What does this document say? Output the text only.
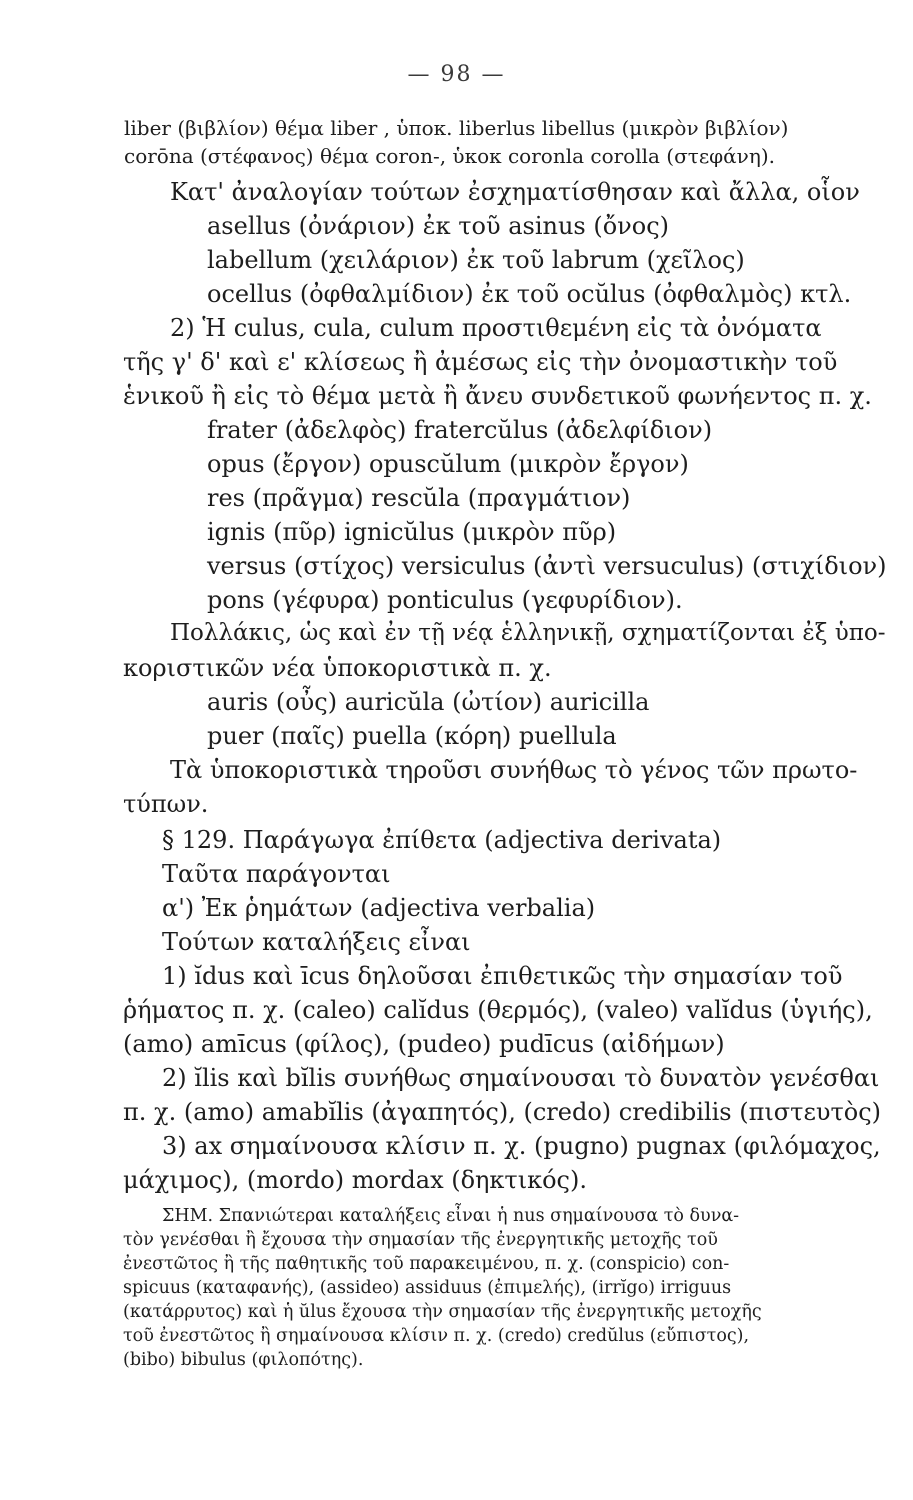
— 98 —
liber (βιβλίον) θέμα liber , ὑποκ. liberlus libellus (μικρὸν βιβλίον)
corōna (στέφανος) θέμα coron-, ὑκοκ coronla corolla (στεφάνη).
Κατ' ἀναλογίαν τούτων ἐσχηματίσθησαν καὶ ἄλλα, οἷον
asellus (ὀνάριον) ἐκ τοῦ asinus (ὄνος)
labellum (χειλάριον) ἐκ τοῦ labrum (χεῖλος)
ocellus (ὀφθαλμίδιον) ἐκ τοῦ ocŭlus (ὀφθαλμὸς) κτλ.
2) Ἡ culus, cula, culum προστιθεμένη εἰς τὰ ὀνόματα
τῆς γ' δ' καὶ ε' κλίσεως ἢ ἀμέσως εἰς τὴν ὀνομαστικὴν τοῦ
ἑνικοῦ ἢ εἰς τὸ θέμα μετὰ ἢ ἄνευ συνδετικοῦ φωνήεντος π. χ.
frater (ἀδελφὸς) fratercŭlus (ἀδελφίδιον)
opus (ἔργον) opuscŭlum (μικρὸν ἔργον)
res (πρᾶγμα) rescŭla (πραγμάτιον)
ignis (πῦρ) ignicŭlus (μικρὸν πῦρ)
versus (στίχος) versiculus (ἀντὶ versuculus) (στιχίδιον)
pons (γέφυρα) ponticulus (γεφυρίδιον).
Πολλάκις, ὡς καὶ ἐν τῇ νέᾳ ἑλληνικῇ, σχηματίζονται ἐξ ὑπο-
κοριστικῶν νέα ὑποκοριστικὰ π. χ.
auris (οὖς) auricŭla (ὠτίον) auricilla
puer (παῖς) puella (κόρη) puellula
Τὰ ὑποκοριστικὰ τηροῦσι συνήθως τὸ γένος τῶν πρωτο-
τύπων.
§ 129. Παράγωγα ἐπίθετα (adjectiva derivata)
Ταῦτα παράγονται
α') Ἐκ ῥημάτων (adjectiva verbalia)
Τούτων καταλήξεις εἶναι
1) ĭdus καὶ īcus δηλοῦσαι ἐπιθετικῶς τὴν σημασίαν τοῦ
ῥήματος π. χ. (caleo) calĭdus (θερμός), (valeo) valĭdus (ὑγιής),
(amo) amīcus (φίλος), (pudeo) pudīcus (αἰδήμων)
2) ĭlis καὶ bĭlis συνήθως σημαίνουσαι τὸ δυνατὸν γενέσθαι
π. χ. (amo) amabĭlis (ἀγαπητός), (credo) credibilis (πιστευτὸς)
3) ax σημαίνουσα κλίσιν π. χ. (pugno) pugnax (φιλόμαχος,
μάχιμος), (mordo) mordax (δηκτικός).
ΣΗΜ. Σπανιώτεραι καταλήξεις εἶναι ἡ nus σημαίνουσα τὸ δυνα-
τὸν γενέσθαι ἢ ἔχουσα τὴν σημασίαν τῆς ἐνεργητικῆς μετοχῆς τοῦ
ἐνεστῶτος ἢ τῆς παθητικῆς τοῦ παρακειμένου, π. χ. (conspicio) con-
spicuus (καταφανής), (assideo) assiduus (ἐπιμελής), (irrĭgo) irriguus
(κατάρρυτος) καὶ ἡ ŭlus ἔχουσα τὴν σημασίαν τῆς ἐνεργητικῆς μετοχῆς
τοῦ ἐνεστῶτος ἢ σημαίνουσα κλίσιν π. χ. (credo) credŭlus (εὔπιστος),
(bibo) bibulus (φιλοπότης).
